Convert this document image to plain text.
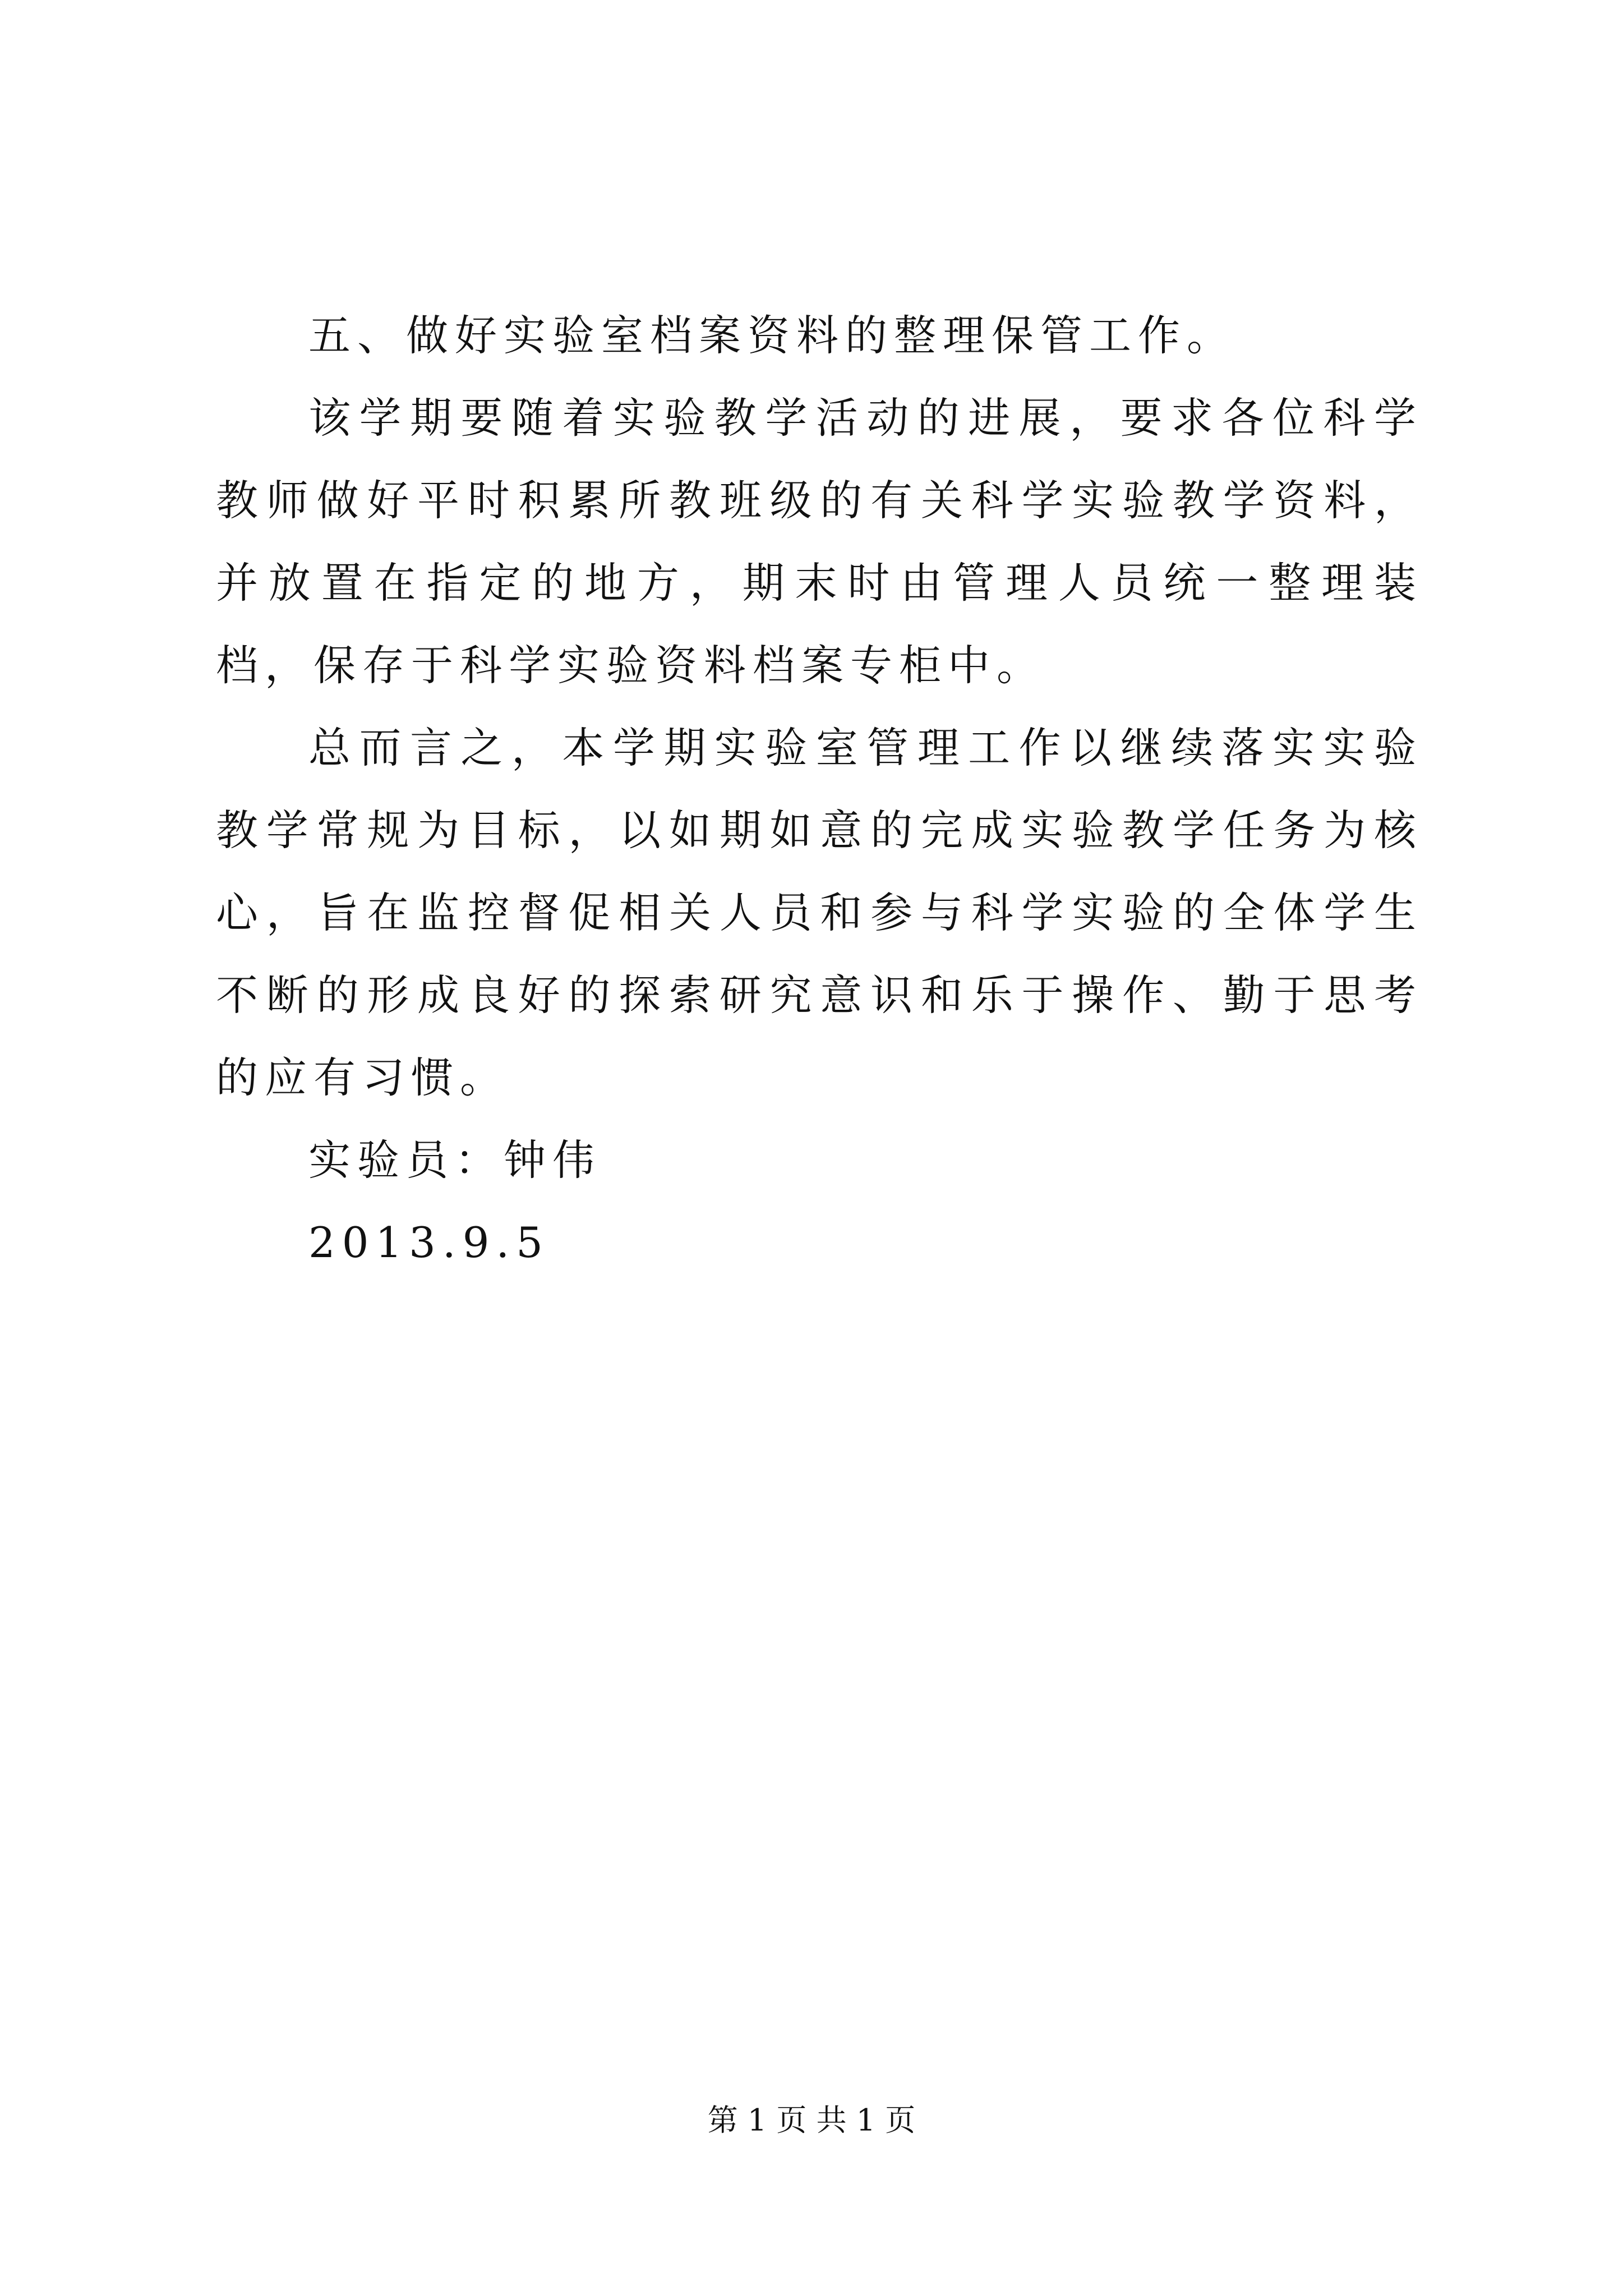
五、做好实验室档案资料的整理保管工作。

该学期要随着实验教学活动的进展，要求各位科学教师做好平时积累所教班级的有关科学实验教学资料，并放置在指定的地方，期末时由管理人员统一整理装档，保存于科学实验资料档案专柜中。

总而言之，本学期实验室管理工作以继续落实实验教学常规为目标，以如期如意的完成实验教学任务为核心，旨在监控督促相关人员和参与科学实验的全体学生不断的形成良好的探索研究意识和乐于操作、勤于思考的应有习惯。

实验员：钟伟

2013.9.5

第 1 页 共 1 页
